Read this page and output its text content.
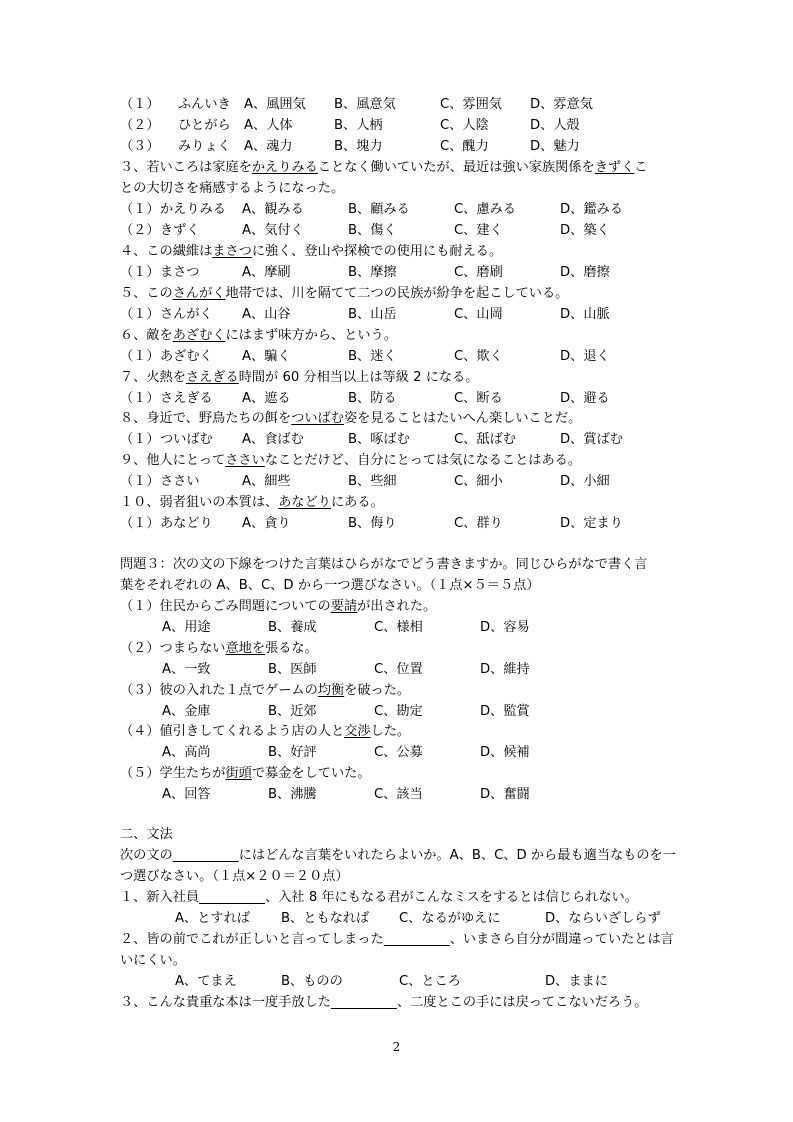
（１） ふんいき A、風囲気 B、風意気	C、雰囲気 D、雰意気
（２） ひとがら A、人体	B、人柄	C、人陰	D、人殻
（３） みりょく A、魂力	B、塊力	C、醜力	D、魅力
３、若いころは家庭をかえりみることなく働いていたが、最近は強い家族関係をきずくこ
との大切さを痛感するようになった。
（１）かえりみる A、観みる	B、顧みる	C、慮みる	D、鑑みる
（２）きずく	A、気付く	B、傷く	C、建く	D、築く
４、この繊維はまさつに強く、登山や探検での使用にも耐える。
（１）まさつ	A、摩刷	B、摩擦	C、磨刷	D、磨擦
５、このさんがく地帯では、川を隔てて二つの民族が紛争を起こしている。
（１）さんがく A、山谷	B、山岳	C、山岡	D、山脈
６、敵をあざむくにはまず味方から、という。
（１）あざむく A、騙く	B、迷く	C、欺く	D、退く
７、火熱をさえぎる時間が 60 分相当以上は等級 2 になる。
（１）さえぎる A、遮る	B、防る	C、断る	D、避る
８、身近で、野鳥たちの餌をついばむ姿を見ることはたいへん楽しいことだ。
（１）ついばむ A、食ばむ	B、啄ばむ	C、舐ばむ	D、賞ばむ
９、他人にとってささいなことだけど、自分にとっては気になることはある。
（１）ささい	A、細些	B、些細	C、細小	D、小細
１０、弱者狙いの本質は、あなどりにある。
（１）あなどり A、貪り	B、侮り	C、群り	D、定まり
問題３：次の文の下線をつけた言葉はひらがなでどう書きますか。同じひらがなで書く言
葉をそれぞれの A、B、C、D から一つ選びなさい。（１点×５＝５点）
（１）住民からごみ問題についての要請が出された。
A、用途	B、養成	C、様相	D、容易
（２）つまらない意地を張るな。
A、一致	B、医師	C、位置	D、維持
（３）彼の入れた１点でゲームの均衡を破った。
A、金庫	B、近郊	C、勘定	D、監賞
（４）値引きしてくれるよう店の人と交渉した。
A、高尚	B、好評	C、公募	D、候補
（５）学生たちが街頭で募金をしていた。
A、回答	B、沸騰	C、該当	D、奮闘
二、文法
次の文の　　　　　	にはどんな言葉をいれたらよいか。A、B、C、D から最も適当なものを一
つ選びなさい。（１点×２０＝２０点）
１、新入社員　　　　　	、入社 8 年にもなる君がこんなミスをするとは信じられない。
A、とすれば B、ともなれば C、なるがゆえに	D、ならいざしらず
２、皆の前でこれが正しいと言ってしまった　　　　　	、いまさら自分が間違っていたとは言
いにくい。
A、てまえ	B、ものの	C、ところ	D、ままに
３、こんな貴重な本は一度手放した　　　　　	、二度とこの手には戻ってこないだろう。
2
